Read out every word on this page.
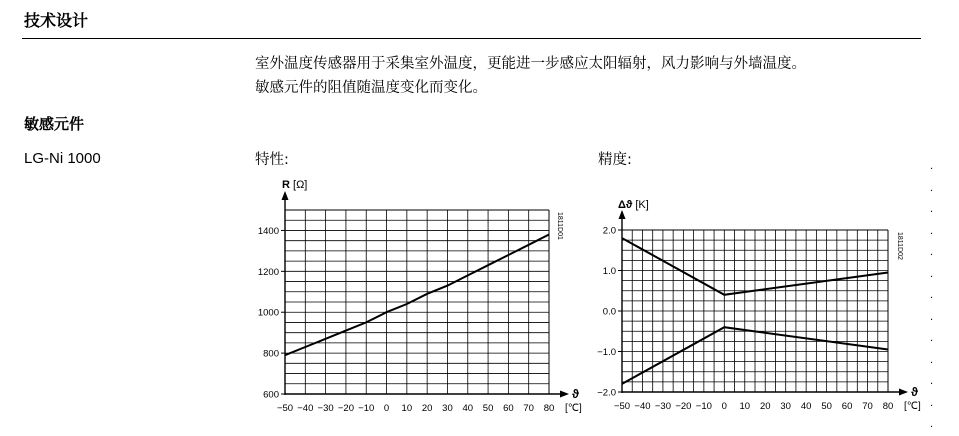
技术设计
室外温度传感器用于采集室外温度，更能进一步感应太阳辐射，风力影响与外墙温度。
敏感元件的阻值随温度变化而变化。
敏感元件
LG-Ni 1000	特性:	精度:	.
.
.
.
.
.
.
.
.
.
.
.
.
600
800
1000
1200
1400
−50 −40 −30 −20 −10 0 10 20 30 40 50 60 70 80
R [Ω]
ϑ
[℃]
1811D01
−2.0
−1.0
0.0
1.0
2.0
−50 −40 −30 −20 −10 0 10 20 30 40 50 60 70 80
Δϑ [K]
ϑ
[℃]
1811D02
